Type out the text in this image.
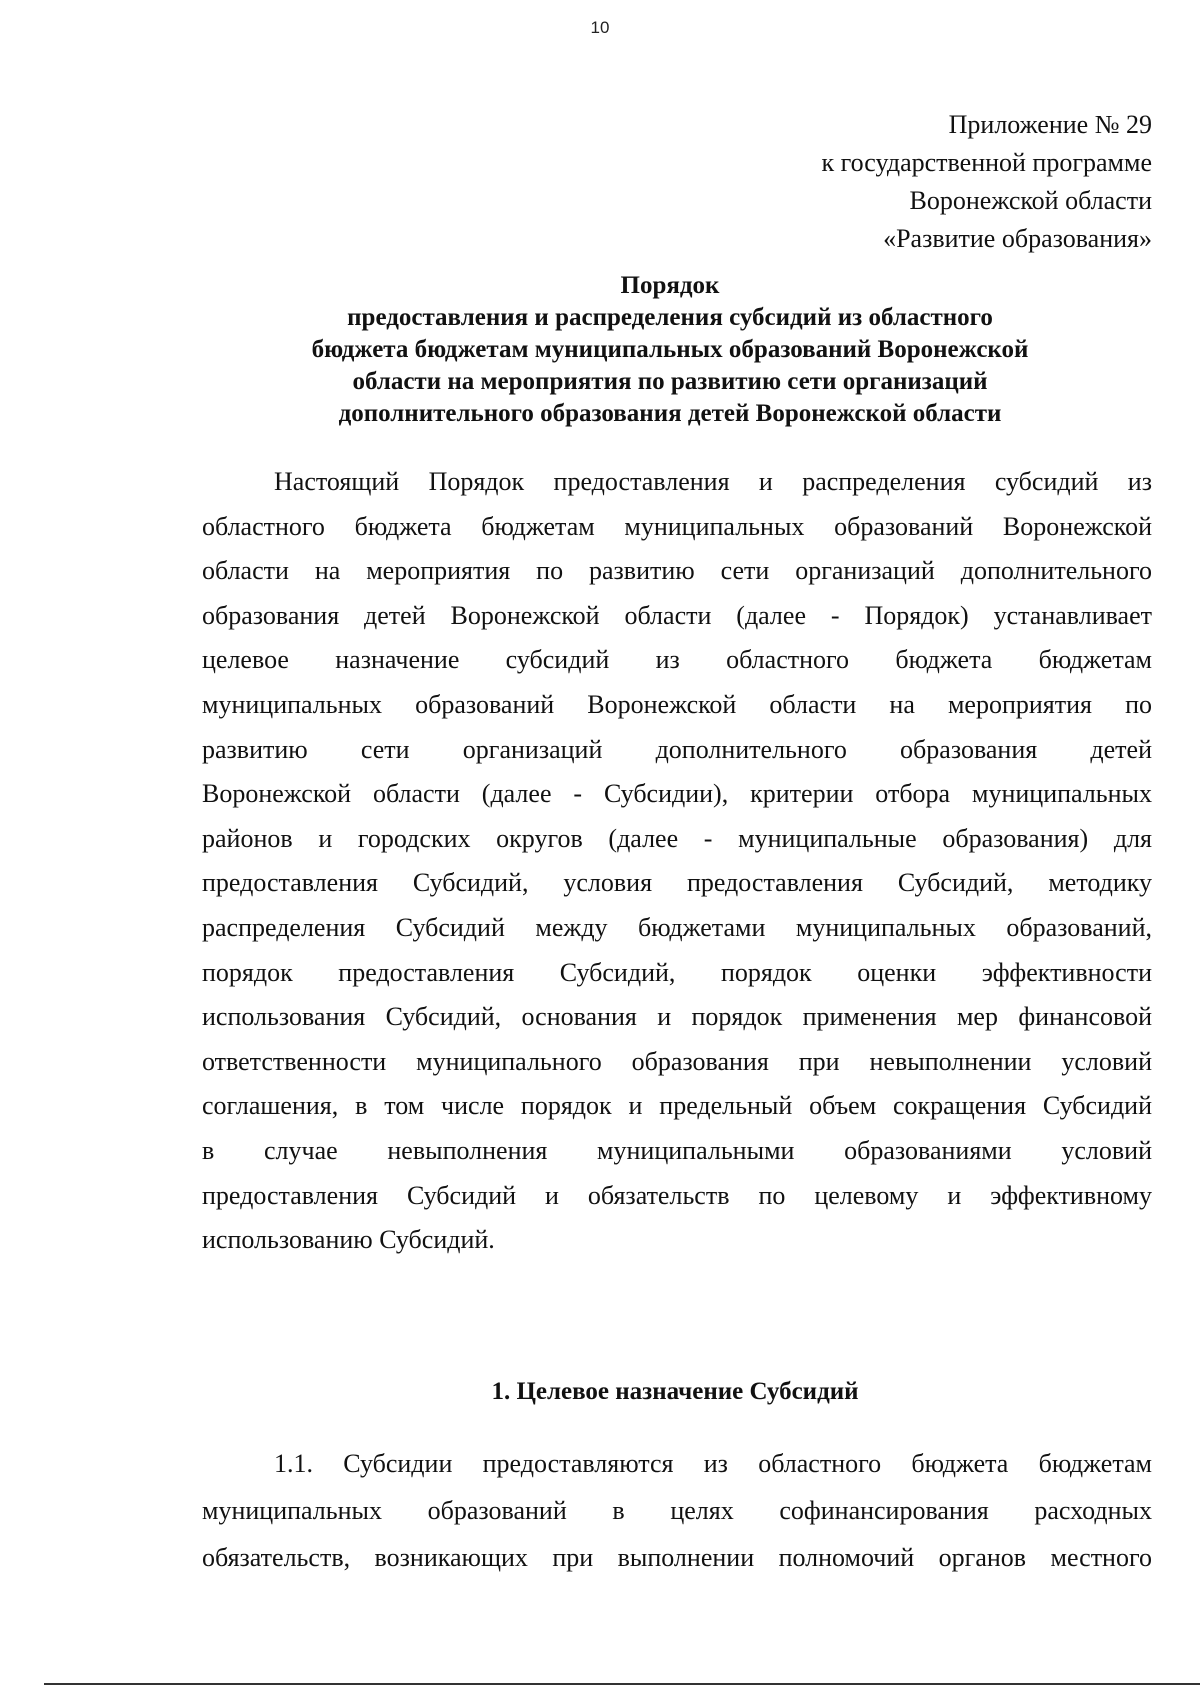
10
Приложение № 29
к государственной программе
Воронежской области
«Развитие образования»
Порядок
предоставления и распределения субсидий из областного
бюджета бюджетам муниципальных образований Воронежской
области на мероприятия по развитию сети организаций
дополнительного образования детей Воронежской области
Настоящий Порядок предоставления и распределения субсидий из
областного бюджета бюджетам муниципальных образований Воронежской
области на мероприятия по развитию сети организаций дополнительного
образования детей Воронежской области (далее - Порядок) устанавливает
целевое назначение субсидий из областного бюджета бюджетам
муниципальных образований Воронежской области на мероприятия по
развитию сети организаций дополнительного образования детей
Воронежской области (далее - Субсидии), критерии отбора муниципальных
районов и городских округов (далее - муниципальные образования) для
предоставления Субсидий, условия предоставления Субсидий, методику
распределения Субсидий между бюджетами муниципальных образований,
порядок предоставления Субсидий, порядок оценки эффективности
использования Субсидий, основания и порядок применения мер финансовой
ответственности муниципального образования при невыполнении условий
соглашения, в том числе порядок и предельный объем сокращения Субсидий
в случае невыполнения муниципальными образованиями условий
предоставления Субсидий и обязательств по целевому и эффективному
использованию Субсидий.
1. Целевое назначение Субсидий
1.1. Субсидии предоставляются из областного бюджета бюджетам
муниципальных образований в целях софинансирования расходных
обязательств, возникающих при выполнении полномочий органов местного
